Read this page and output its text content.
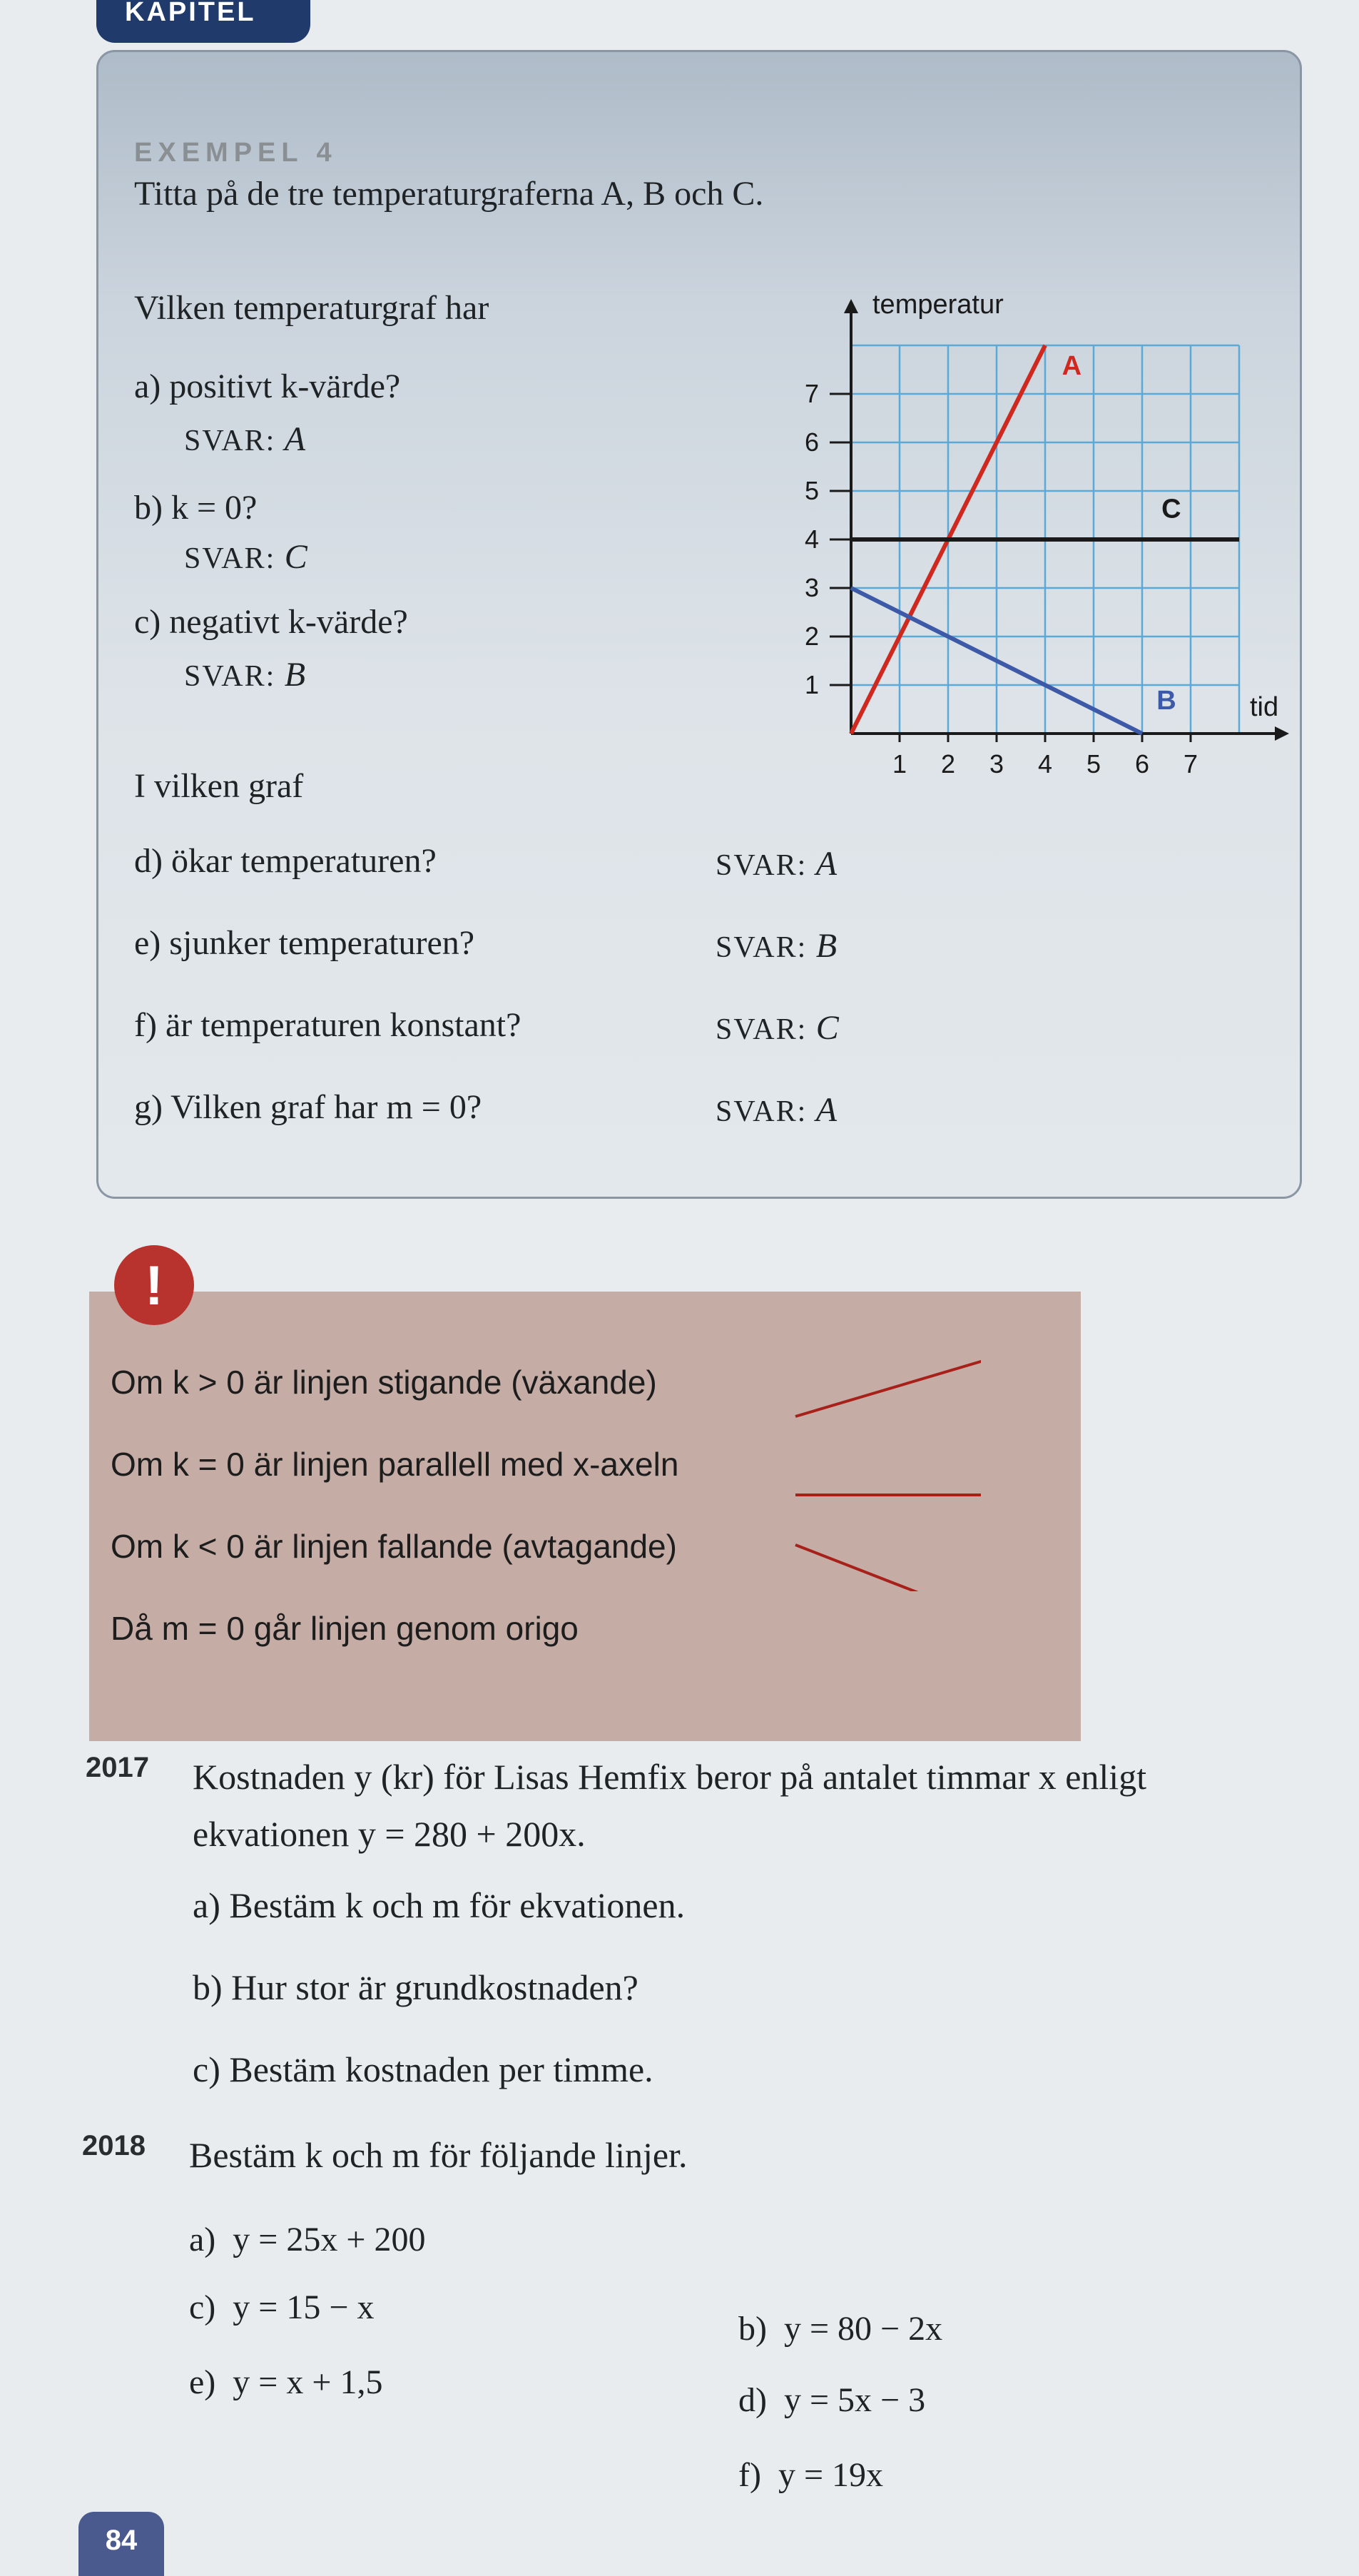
KAPITEL
EXEMPEL 4
Titta på de tre temperaturgraferna A, B och C.
Vilken temperaturgraf har
a) positivt k-värde?
SVAR: A
b) k = 0?
SVAR: C
c) negativt k-värde?
SVAR: B
1 2 3 4 5 6 7
1
2
3
4
5
6
7
temperatur
tid
A
B
C
I vilken graf
d) ökar temperaturen?	SVAR: A
e) sjunker temperaturen?	SVAR: B
f) är temperaturen konstant?	SVAR: C
g) Vilken graf har m = 0?	SVAR: A
Om k > 0 är linjen stigande (växande)
Om k = 0 är linjen parallell med x-axeln
Om k < 0 är linjen fallande (avtagande)
Då m = 0 går linjen genom origo
!
2017 Kostnaden y (kr) för Lisas Hemfix beror på antalet timmar x enligt
ekvationen y = 280 + 200x.
a) Bestäm k och m för ekvationen.
b) Hur stor är grundkostnaden?
c) Bestäm kostnaden per timme.
2018 Bestäm k och m för följande linjer.
a) y = 25x + 200
b) y = 80 − 2x
c) y = 15 − x
d) y = 5x − 3
e) y = x + 1,5
f) y = 19x
84
